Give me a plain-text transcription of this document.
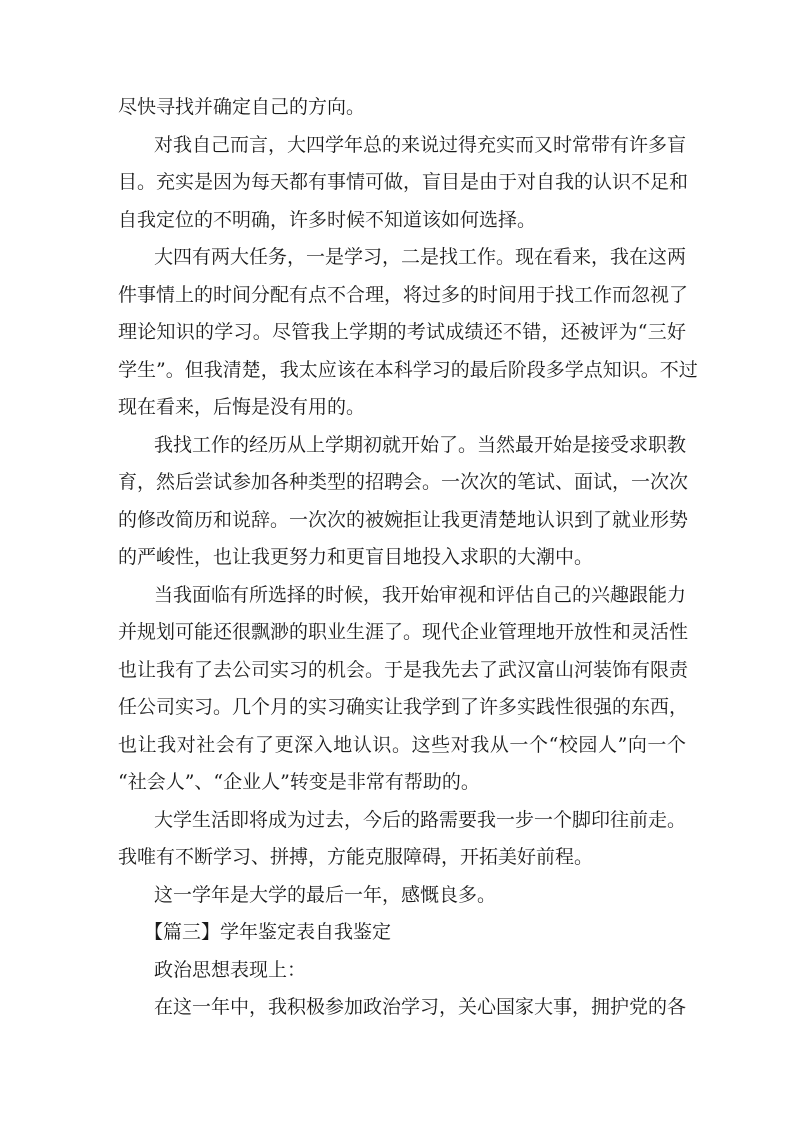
尽快寻找并确定自己的方向。
对我自己而言，大四学年总的来说过得充实而又时常带有许多盲
目。充实是因为每天都有事情可做，盲目是由于对自我的认识不足和
自我定位的不明确，许多时候不知道该如何选择。
大四有两大任务，一是学习，二是找工作。现在看来，我在这两
件事情上的时间分配有点不合理，将过多的时间用于找工作而忽视了
理论知识的学习。尽管我上学期的考试成绩还不错，还被评为“三好
学生”。但我清楚，我太应该在本科学习的最后阶段多学点知识。不过
现在看来，后悔是没有用的。
我找工作的经历从上学期初就开始了。当然最开始是接受求职教
育，然后尝试参加各种类型的招聘会。一次次的笔试、面试，一次次
的修改简历和说辞。一次次的被婉拒让我更清楚地认识到了就业形势
的严峻性，也让我更努力和更盲目地投入求职的大潮中。
当我面临有所选择的时候，我开始审视和评估自己的兴趣跟能力
并规划可能还很飘渺的职业生涯了。现代企业管理地开放性和灵活性
也让我有了去公司实习的机会。于是我先去了武汉富山河装饰有限责
任公司实习。几个月的实习确实让我学到了许多实践性很强的东西，
也让我对社会有了更深入地认识。这些对我从一个“校园人”向一个
“社会人”、“企业人”转变是非常有帮助的。
大学生活即将成为过去，今后的路需要我一步一个脚印往前走。
我唯有不断学习、拼搏，方能克服障碍，开拓美好前程。
这一学年是大学的最后一年，感慨良多。
【篇三】学年鉴定表自我鉴定
政治思想表现上：
在这一年中，我积极参加政治学习，关心国家大事，拥护党的各
